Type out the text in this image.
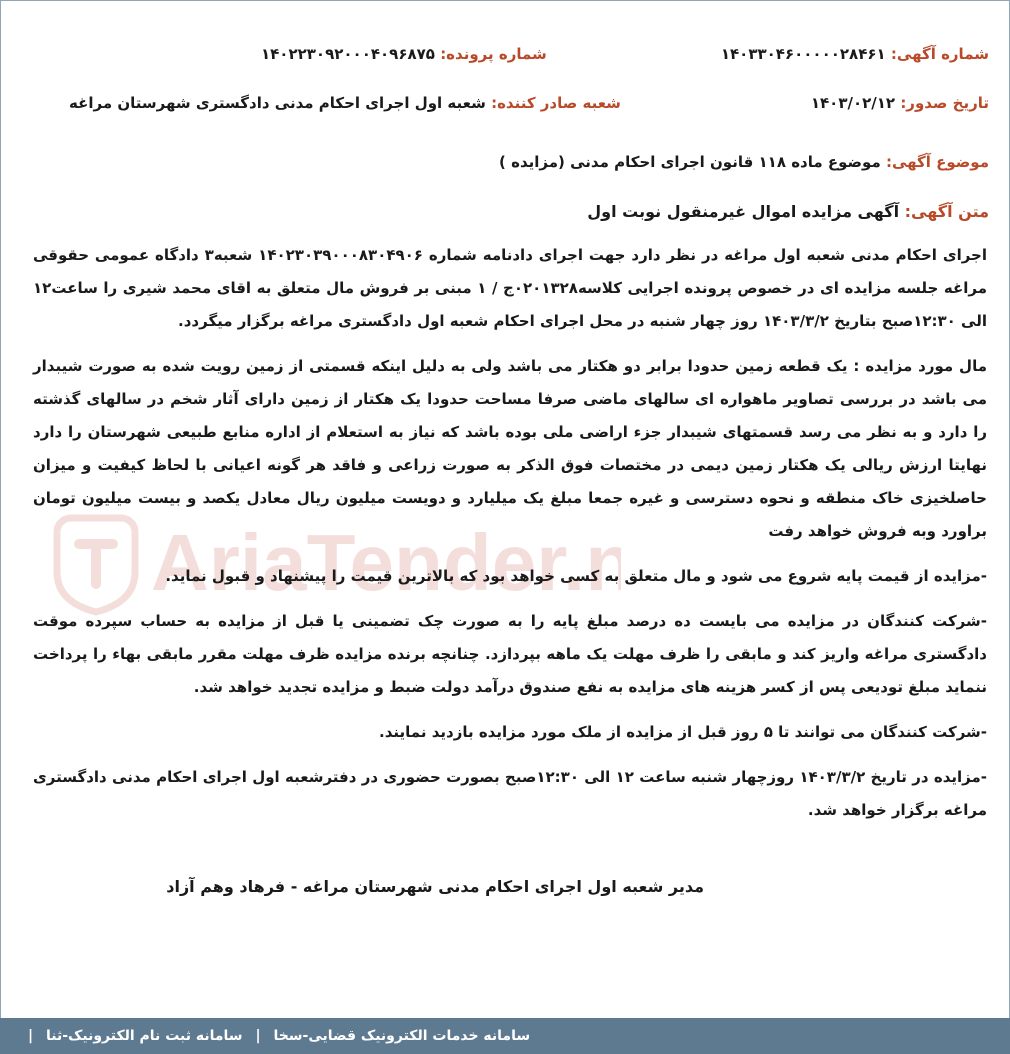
AriaTender.n
شماره آگهی: ۱۴۰۳۳۰۴۶۰۰۰۰۰۲۸۴۶۱
شماره پرونده: ۱۴۰۲۲۳۰۹۲۰۰۰۴۰۹۶۸۷۵
تاریخ صدور: ۱۴۰۳/۰۲/۱۲
شعبه صادر کننده: شعبه اول اجرای احکام مدنی دادگستری شهرستان مراغه
موضوع آگهی: موضوع ماده ۱۱۸ قانون اجرای احکام مدنی (مزایده )
متن آگهی: آگهی مزایده اموال غیرمنقول نوبت اول

اجرای احکام مدنی شعبه اول مراغه در نظر دارد جهت اجرای دادنامه شماره ۱۴۰۲۳۰۳۹۰۰۰۸۳۰۴۹۰۶ شعبه۳ دادگاه عمومی حقوقی مراغه جلسه مزایده ای در خصوص پرونده اجرایی کلاسه۰۲۰۱۳۲۸ج / ۱ مبنی بر فروش مال متعلق به اقای محمد شیری را ساعت۱۲ الی ۱۲:۳۰صبح بتاریخ ۱۴۰۳/۳/۲ روز چهار شنبه در محل اجرای احکام شعبه اول دادگستری مراغه برگزار میگردد.

مال مورد مزایده : یک قطعه زمین حدودا برابر دو هکتار می باشد ولی به دلیل اینکه قسمتی از زمین رویت شده به صورت شیبدار می باشد در بررسی تصاویر ماهواره ای سالهای ماضی صرفا مساحت حدودا یک هکتار از زمین دارای آثار شخم در سالهای گذشته را دارد و به نظر می رسد قسمتهای شیبدار جزء اراضی ملی بوده باشد که نیاز به استعلام از اداره منابع طبیعی شهرستان را دارد نهایتا ارزش ریالی یک هکتار زمین دیمی در مختصات فوق الذکر به صورت زراعی و فاقد هر گونه اعیانی با لحاظ کیفیت و میزان حاصلخیزی خاک منطقه و نحوه دسترسی و غیره جمعا مبلغ یک میلیارد و دویست میلیون ریال معادل یکصد و بیست میلیون تومان براورد وبه فروش خواهد رفت

-مزایده از قیمت پایه شروع می شود و مال متعلق به کسی خواهد بود که بالاترین قیمت را پیشنهاد و قبول نماید.

-شرکت کنندگان در مزایده می بایست ده درصد مبلغ پایه را به صورت چک تضمینی یا قبل از مزایده به حساب سپرده موقت دادگستری مراغه واریز کند و مابقی را ظرف مهلت یک ماهه بپردازد. چنانچه برنده مزایده ظرف مهلت مقرر مابقی بهاء را پرداخت ننماید مبلغ تودیعی پس از کسر هزینه های مزایده به نفع صندوق درآمد دولت ضبط و مزایده تجدید خواهد شد.

-شرکت کنندگان می توانند تا ۵ روز قبل از مزایده از ملک مورد مزایده بازدید نمایند.

-مزایده در تاریخ ۱۴۰۳/۳/۲ روزچهار شنبه ساعت ۱۲ الی ۱۲:۳۰صبح بصورت حضوری در دفترشعبه اول اجرای احکام مدنی دادگستری مراغه برگزار خواهد شد.

مدیر شعبه اول اجرای احکام مدنی شهرستان مراغه - فرهاد وهم آزاد
سامانه خدمات الکترونیک قضایی-سخا | سامانه ثبت نام الکترونیک-ثنا |
